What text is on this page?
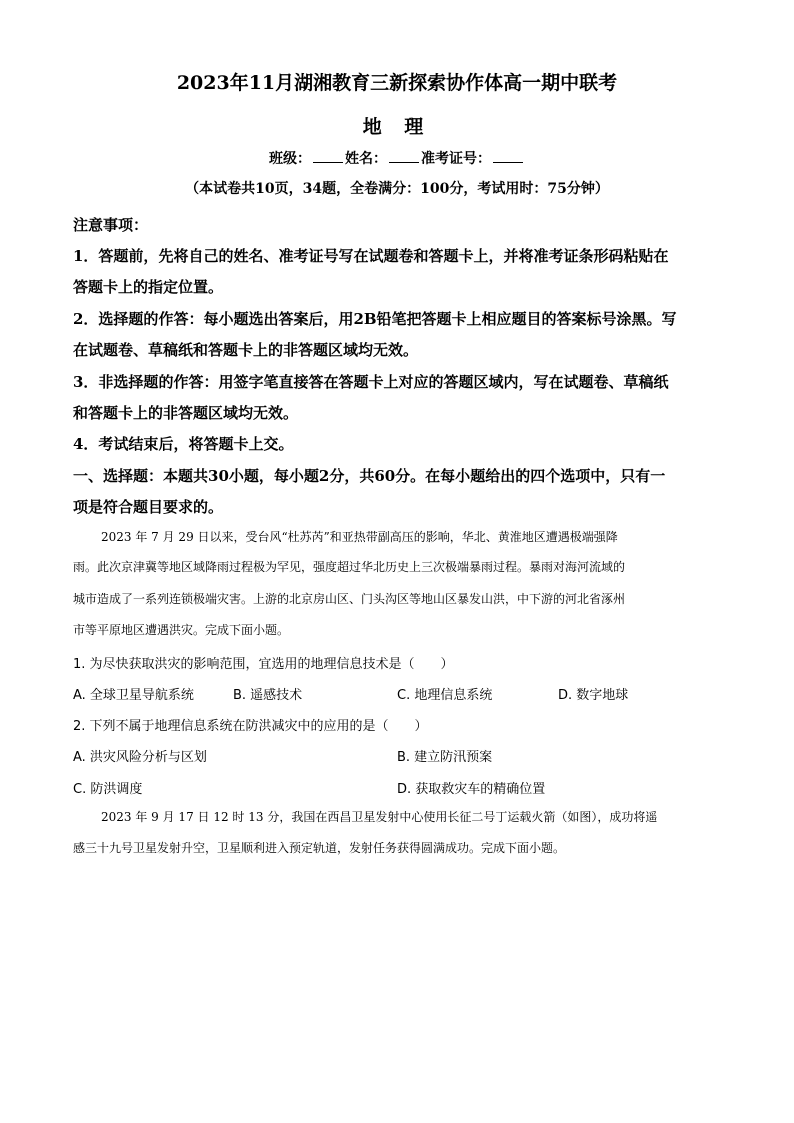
2023年11月湖湘教育三新探索协作体高一期中联考
地 理
班级： 姓名： 准考证号：
（本试卷共10页，34题，全卷满分：100分，考试用时：75分钟）
注意事项：
1．答题前，先将自己的姓名、准考证号写在试题卷和答题卡上，并将准考证条形码粘贴在
答题卡上的指定位置。
2．选择题的作答：每小题选出答案后，用2B铅笔把答题卡上相应题目的答案标号涂黑。写
在试题卷、草稿纸和答题卡上的非答题区域均无效。
3．非选择题的作答：用签字笔直接答在答题卡上对应的答题区域内，写在试题卷、草稿纸
和答题卡上的非答题区域均无效。
4．考试结束后，将答题卡上交。
一、选择题：本题共30小题，每小题2分，共60分。在每小题给出的四个选项中，只有一
项是符合题目要求的。
2023 年 7 月 29 日以来，受台风“杜苏芮”和亚热带副高压的影响，华北、黄淮地区遭遇极端强降
雨。此次京津冀等地区域降雨过程极为罕见，强度超过华北历史上三次极端暴雨过程。暴雨对海河流域的
城市造成了一系列连锁极端灾害。上游的北京房山区、门头沟区等地山区暴发山洪，中下游的河北省涿州
市等平原地区遭遇洪灾。完成下面小题。
1. 为尽快获取洪灾的影响范围，宜选用的地理信息技术是（　　）
A. 全球卫星导航系统	B. 遥感技术	C. 地理信息系统	D. 数字地球
2. 下列不属于地理信息系统在防洪减灾中的应用的是（　　）
A. 洪灾风险分析与区划	B. 建立防汛预案
C. 防洪调度	D. 获取救灾车的精确位置
2023 年 9 月 17 日 12 时 13 分，我国在西昌卫星发射中心使用长征二号丁运载火箭（如图），成功将遥
感三十九号卫星发射升空，卫星顺利进入预定轨道，发射任务获得圆满成功。完成下面小题。
